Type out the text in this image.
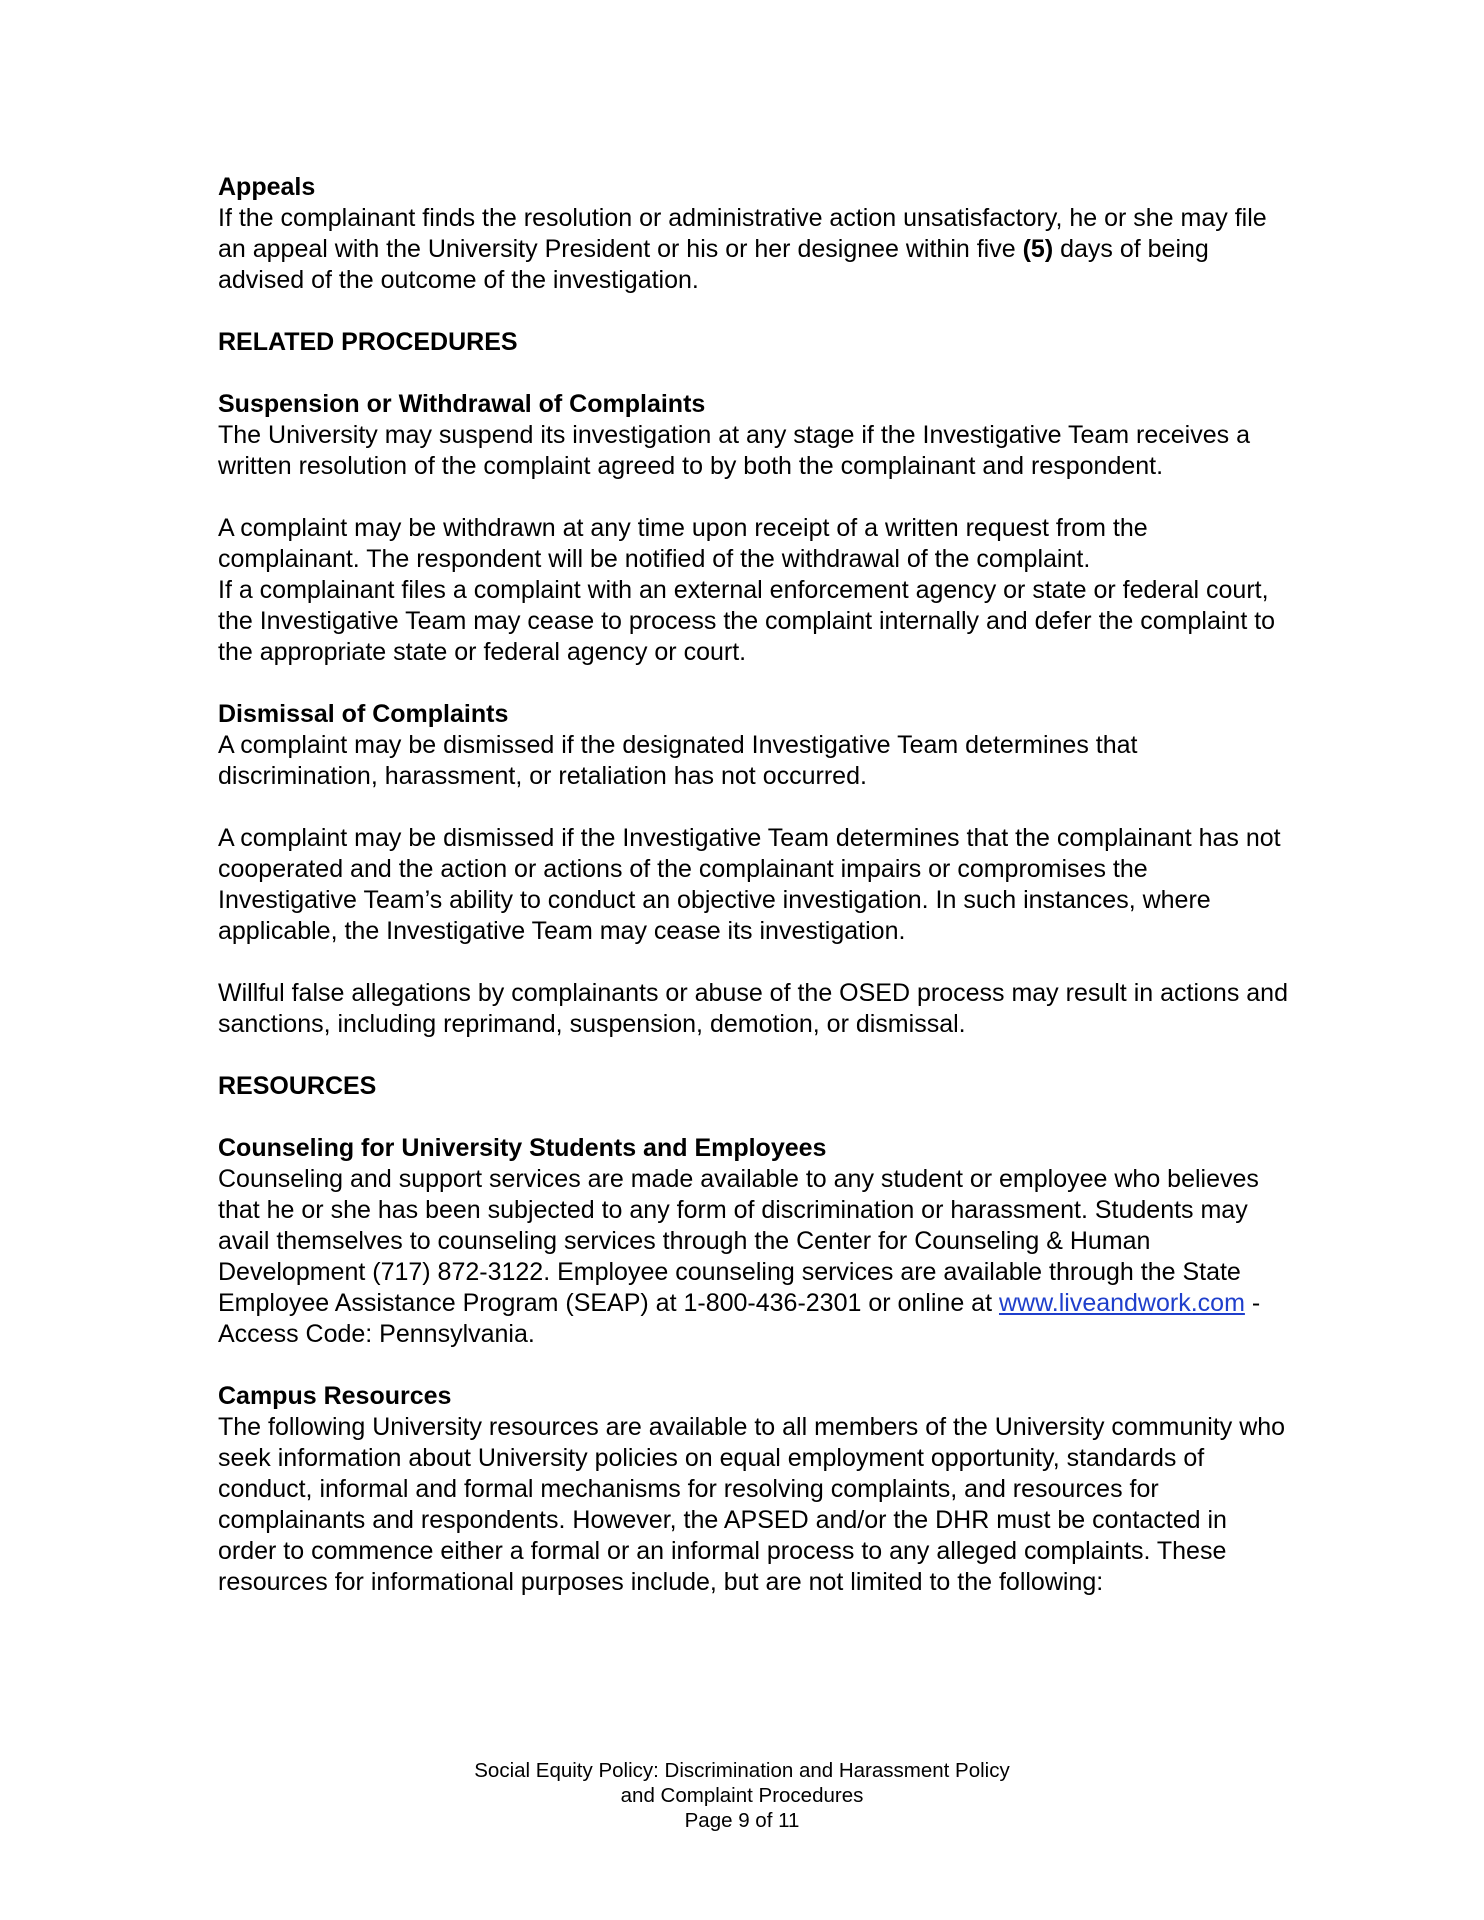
Appeals

If the complainant finds the resolution or administrative action unsatisfactory, he or she may file an appeal with the University President or his or her designee within five (5) days of being advised of the outcome of the investigation.

RELATED PROCEDURES

Suspension or Withdrawal of Complaints

The University may suspend its investigation at any stage if the Investigative Team receives a written resolution of the complaint agreed to by both the complainant and respondent.

A complaint may be withdrawn at any time upon receipt of a written request from the complainant. The respondent will be notified of the withdrawal of the complaint.

If a complainant files a complaint with an external enforcement agency or state or federal court, the Investigative Team may cease to process the complaint internally and defer the complaint to the appropriate state or federal agency or court.

Dismissal of Complaints

A complaint may be dismissed if the designated Investigative Team determines that discrimination, harassment, or retaliation has not occurred.

A complaint may be dismissed if the Investigative Team determines that the complainant has not cooperated and the action or actions of the complainant impairs or compromises the Investigative Team’s ability to conduct an objective investigation. In such instances, where applicable, the Investigative Team may cease its investigation.

Willful false allegations by complainants or abuse of the OSED process may result in actions and sanctions, including reprimand, suspension, demotion, or dismissal.

RESOURCES

Counseling for University Students and Employees

Counseling and support services are made available to any student or employee who believes that he or she has been subjected to any form of discrimination or harassment. Students may avail themselves to counseling services through the Center for Counseling & Human Development (717) 872-3122. Employee counseling services are available through the State Employee Assistance Program (SEAP) at 1-800-436-2301 or online at www.liveandwork.com - Access Code: Pennsylvania.

Campus Resources

The following University resources are available to all members of the University community who seek information about University policies on equal employment opportunity, standards of conduct, informal and formal mechanisms for resolving complaints, and resources for complainants and respondents. However, the APSED and/or the DHR must be contacted in order to commence either a formal or an informal process to any alleged complaints. These resources for informational purposes include, but are not limited to the following:

Social Equity Policy: Discrimination and Harassment Policy
and Complaint Procedures
Page 9 of 11
